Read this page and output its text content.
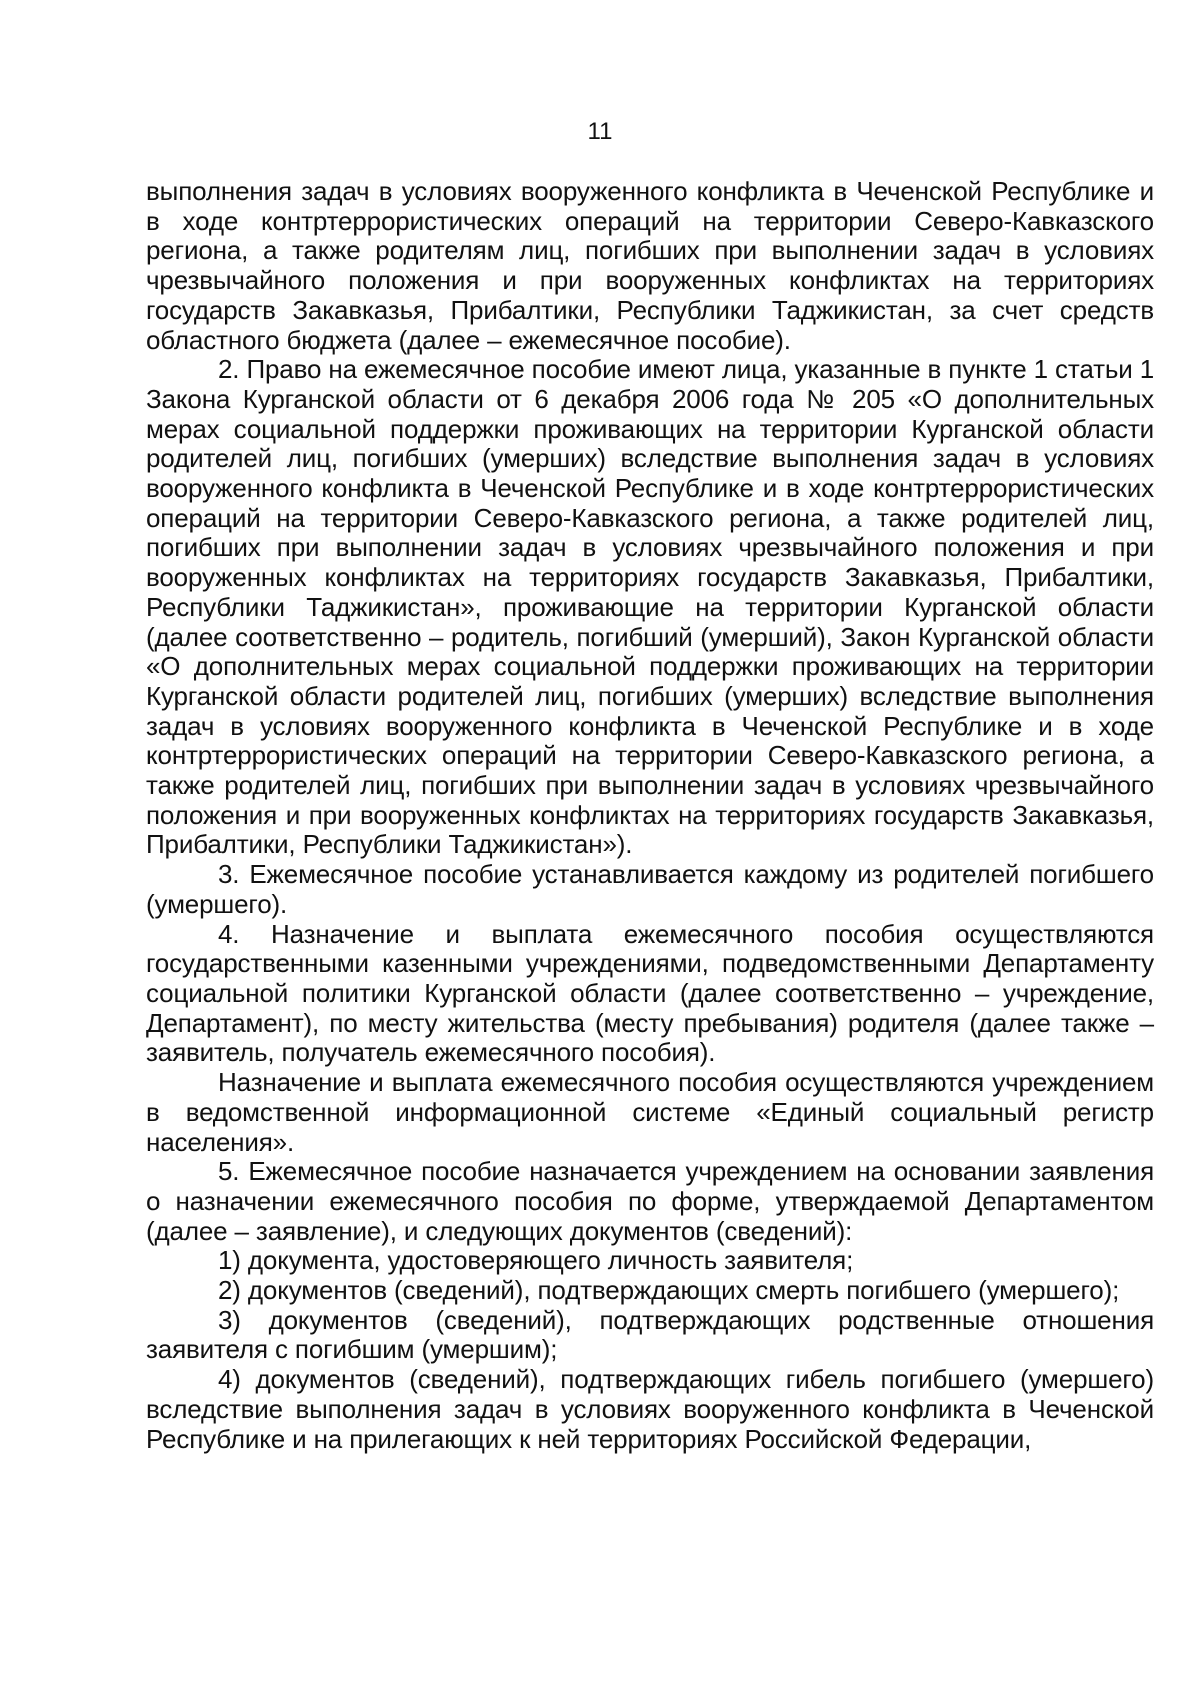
11

выполнения задач в условиях вооруженного конфликта в Чеченской Республике и в ходе контртеррористических операций на территории Северо-Кавказского региона, а также родителям лиц, погибших при выполнении задач в условиях чрезвычайного положения и при вооруженных конфликтах на территориях государств Закавказья, Прибалтики, Республики Таджикистан, за счет средств областного бюджета (далее – ежемесячное пособие).

2. Право на ежемесячное пособие имеют лица, указанные в пункте 1 статьи 1 Закона Курганской области от 6 декабря 2006 года № 205 «О дополнительных мерах социальной поддержки проживающих на территории Курганской области родителей лиц, погибших (умерших) вследствие выполнения задач в условиях вооруженного конфликта в Чеченской Республике и в ходе контртеррористических операций на территории Северо-Кавказского региона, а также родителей лиц, погибших при выполнении задач в условиях чрезвычайного положения и при вооруженных конфликтах на территориях государств Закавказья, Прибалтики, Республики Таджикистан», проживающие на территории Курганской области (далее соответственно – родитель, погибший (умерший), Закон Курганской области «О дополнительных мерах социальной поддержки проживающих на территории Курганской области родителей лиц, погибших (умерших) вследствие выполнения задач в условиях вооруженного конфликта в Чеченской Республике и в ходе контртеррористических операций на территории Северо-Кавказского региона, а также родителей лиц, погибших при выполнении задач в условиях чрезвычайного положения и при вооруженных конфликтах на территориях государств Закавказья, Прибалтики, Республики Таджикистан»).

3. Ежемесячное пособие устанавливается каждому из родителей погибшего (умершего).

4. Назначение и выплата ежемесячного пособия осуществляются государственными казенными учреждениями, подведомственными Департаменту социальной политики Курганской области (далее соответственно – учреждение, Департамент), по месту жительства (месту пребывания) родителя (далее также – заявитель, получатель ежемесячного пособия).

Назначение и выплата ежемесячного пособия осуществляются учреждением в ведомственной информационной системе «Единый социальный регистр населения».

5. Ежемесячное пособие назначается учреждением на основании заявления о назначении ежемесячного пособия по форме, утверждаемой Департаментом (далее – заявление), и следующих документов (сведений):

1) документа, удостоверяющего личность заявителя;

2) документов (сведений), подтверждающих смерть погибшего (умершего);

3) документов (сведений), подтверждающих родственные отношения заявителя с погибшим (умершим);

4) документов (сведений), подтверждающих гибель погибшего (умершего) вследствие выполнения задач в условиях вооруженного конфликта в Чеченской Республике и на прилегающих к ней территориях Российской Федерации,
